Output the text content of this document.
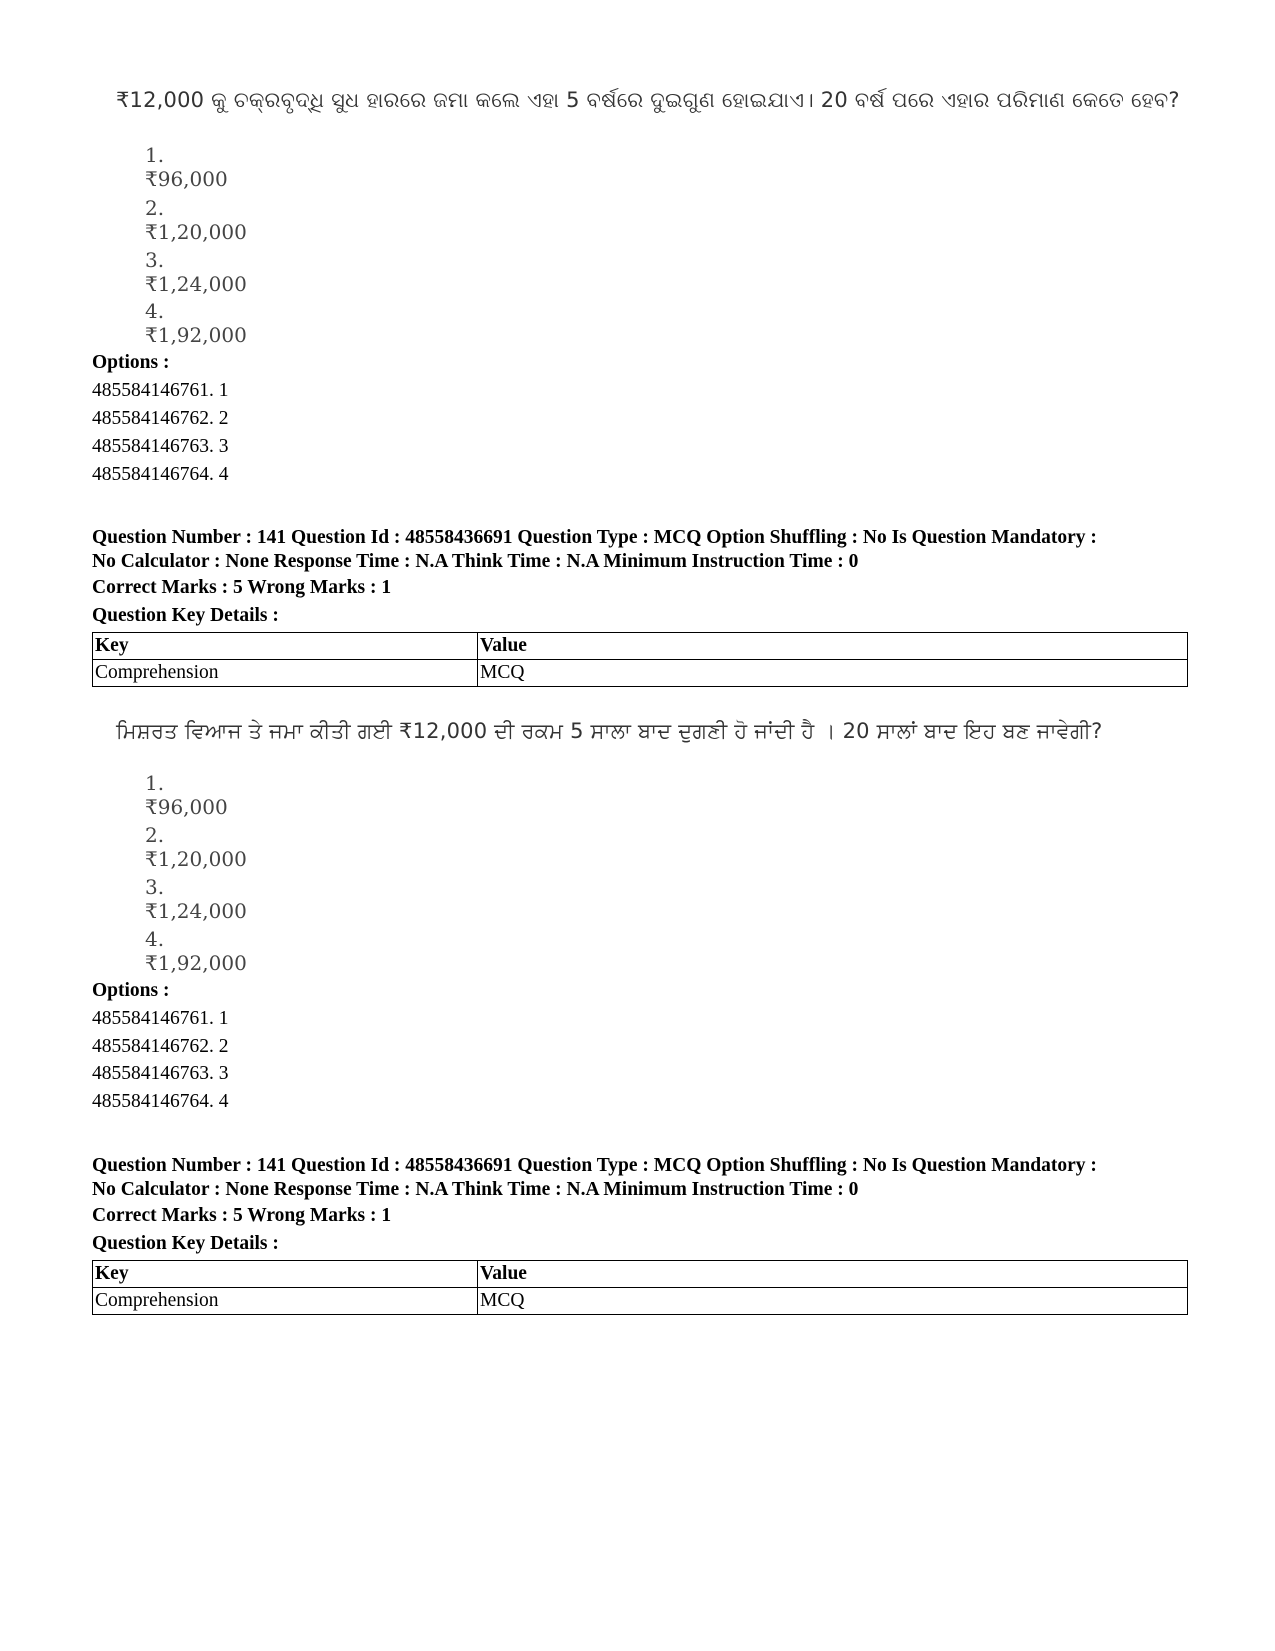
₹12,000 କୁ ଚକ୍ରବୃଦ୍ଧି ସୁଧ ହାରରେ ଜମା କଲେ ଏହା 5 ବର୍ଷରେ ଦୁଇଗୁଣ ହୋଇଯାଏ। 20 ବର୍ଷ ପରେ ଏହାର ପରିମାଣ କେତେ ହେବ?
1. ₹96,000
2. ₹1,20,000
3. ₹1,24,000
4. ₹1,92,000
Options :
485584146761. 1
485584146762. 2
485584146763. 3
485584146764. 4
Question Number : 141 Question Id : 48558436691 Question Type : MCQ Option Shuffling : No Is Question Mandatory :
No Calculator : None Response Time : N.A Think Time : N.A Minimum Instruction Time : 0
Correct Marks : 5 Wrong Marks : 1
Question Key Details :
Key	Value
Comprehension	MCQ
ਮਿਸ਼ਰਤ ਵਿਆਜ ਤੇ ਜਮਾ ਕੀਤੀ ਗਈ ₹12,000 ਦੀ ਰਕਮ 5 ਸਾਲਾ ਬਾਦ ਦੁਗਣੀ ਹੋ ਜਾਂਦੀ ਹੈ । 20 ਸਾਲਾਂ ਬਾਦ ਇਹ ਬਣ ਜਾਵੇਗੀ?
1. ₹96,000
2. ₹1,20,000
3. ₹1,24,000
4. ₹1,92,000
Options :
485584146761. 1
485584146762. 2
485584146763. 3
485584146764. 4
Question Number : 141 Question Id : 48558436691 Question Type : MCQ Option Shuffling : No Is Question Mandatory :
No Calculator : None Response Time : N.A Think Time : N.A Minimum Instruction Time : 0
Correct Marks : 5 Wrong Marks : 1
Question Key Details :
Key	Value
Comprehension	MCQ
